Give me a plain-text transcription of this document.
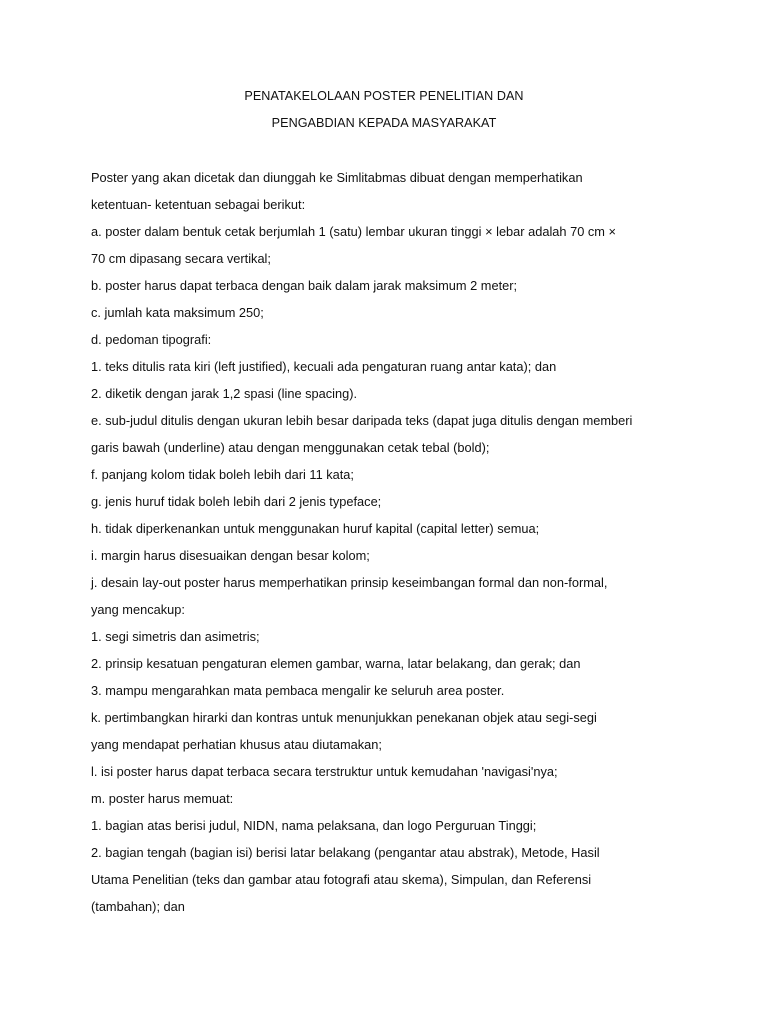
PENATAKELOLAAN POSTER PENELITIAN DAN
PENGABDIAN KEPADA MASYARAKAT
Poster yang akan dicetak dan diunggah ke Simlitabmas dibuat dengan memperhatikan
ketentuan- ketentuan sebagai berikut:
a. poster dalam bentuk cetak berjumlah 1 (satu) lembar ukuran tinggi × lebar adalah 70 cm ×
70 cm dipasang secara vertikal;
b. poster harus dapat terbaca dengan baik dalam jarak maksimum 2 meter;
c. jumlah kata maksimum 250;
d. pedoman tipografi:
1. teks ditulis rata kiri (left justified), kecuali ada pengaturan ruang antar kata); dan
2. diketik dengan jarak 1,2 spasi (line spacing).
e. sub-judul ditulis dengan ukuran lebih besar daripada teks (dapat juga ditulis dengan memberi
garis bawah (underline) atau dengan menggunakan cetak tebal (bold);
f. panjang kolom tidak boleh lebih dari 11 kata;
g. jenis huruf tidak boleh lebih dari 2 jenis typeface;
h. tidak diperkenankan untuk menggunakan huruf kapital (capital letter) semua;
i. margin harus disesuaikan dengan besar kolom;
j. desain lay-out poster harus memperhatikan prinsip keseimbangan formal dan non-formal,
yang mencakup:
1. segi simetris dan asimetris;
2. prinsip kesatuan pengaturan elemen gambar, warna, latar belakang, dan gerak; dan
3. mampu mengarahkan mata pembaca mengalir ke seluruh area poster.
k. pertimbangkan hirarki dan kontras untuk menunjukkan penekanan objek atau segi-segi
yang mendapat perhatian khusus atau diutamakan;
l. isi poster harus dapat terbaca secara terstruktur untuk kemudahan 'navigasi'nya;
m. poster harus memuat:
1. bagian atas berisi judul, NIDN, nama pelaksana, dan logo Perguruan Tinggi;
2. bagian tengah (bagian isi) berisi latar belakang (pengantar atau abstrak), Metode, Hasil
Utama Penelitian (teks dan gambar atau fotografi atau skema), Simpulan, dan Referensi
(tambahan); dan
